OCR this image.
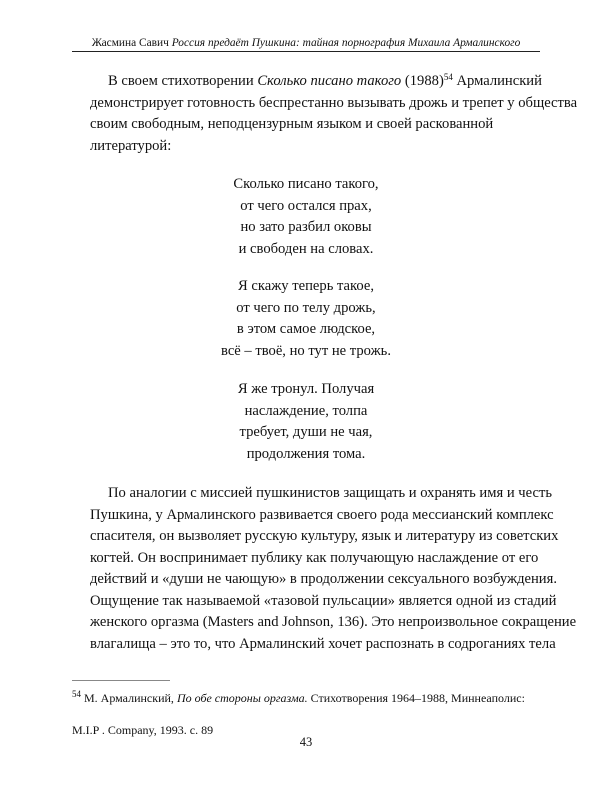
Жасмина Савич Россия предаёт Пушкина: тайная порнография Михаила Армалинского
В своем стихотворении Сколько писано такого $(1988)^{54}$ Армалинский
демонстрирует готовность беспрестанно вызывать дрожь и трепет у общества
своим свободным, неподцензурным языком и своей раскованной
литературой:
Сколько писано такого,
от чего остался прах,
но зато разбил оковы
и свободен на словах.
Я скажу теперь такое,
от чего по телу дрожь,
в этом самое людское,
всё – твоё, но тут не трожь.
Я же тронул. Получая
наслаждение, толпа
требует, души не чая,
продолжения тома.
По аналогии с миссией пушкинистов защищать и охранять имя и честь
Пушкина, у Армалинского развивается своего рода мессианский комплекс
спасителя, он вызволяет русскую культуру, язык и литературу из советских
когтей. Он воспринимает публику как получающую наслаждение от его
действий и «души не чающую» в продолжении сексуального возбуждения.
Ощущение так называемой «тазовой пульсации» является одной из стадий
женского оргазма (Masters and Johnson, 136). Это непроизвольное сокращение
влагалища – это то, что Армалинский хочет распознать в содроганиях тела
$^{54}$ М. Армалинский, По обе стороны оргазма. Стихотворения 1964–1988, Миннеаполис:

M.I.P . Company, 1993. с. 89
43
